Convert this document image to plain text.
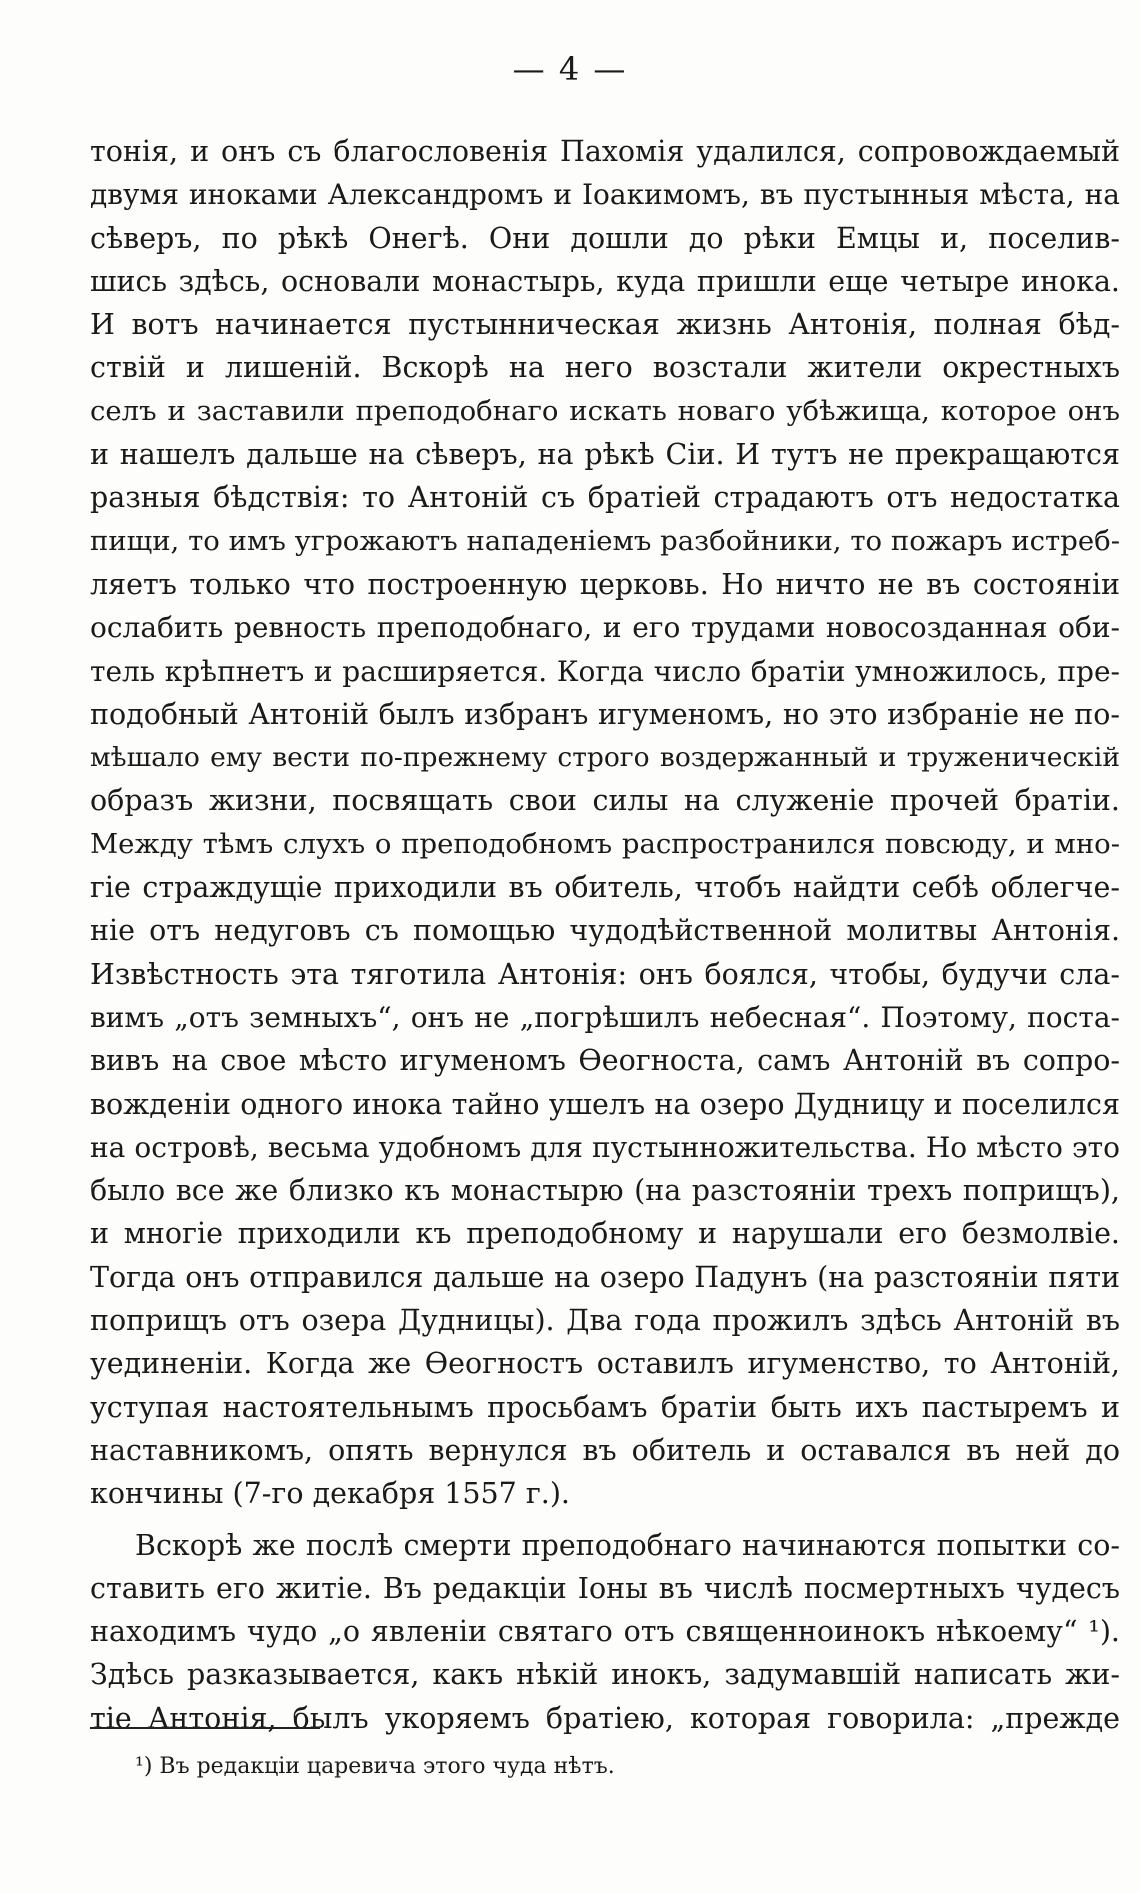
— 4 —
тонія, и онъ съ благословенія Пахомія удалился, сопровождаемый
двумя иноками Александромъ и Іоакимомъ, въ пустынныя мѣста, на
сѣверъ, по рѣкѣ Онегѣ. Они дошли до рѣки Емцы и, поселив-
шись здѣсь, основали монастырь, куда пришли еще четыре инока.
И вотъ начинается пустынническая жизнь Антонія, полная бѣд-
ствій и лишеній. Вскорѣ на него возстали жители окрестныхъ
селъ и заставили преподобнаго искать новаго убѣжища, которое онъ
и нашелъ дальше на сѣверъ, на рѣкѣ Сіи. И тутъ не прекращаются
разныя бѣдствія: то Антоній съ братіей страдаютъ отъ недостатка
пищи, то имъ угрожаютъ нападеніемъ разбойники, то пожаръ истреб-
ляетъ только что построенную церковь. Но ничто не въ состояніи
ослабить ревность преподобнаго, и его трудами новосозданная оби-
тель крѣпнетъ и расширяется. Когда число братіи умножилось, пре-
подобный Антоній былъ избранъ игуменомъ, но это избраніе не по-
мѣшало ему вести по-прежнему строго воздержанный и труженическій
образъ жизни, посвящать свои силы на служеніе прочей братіи.
Между тѣмъ слухъ о преподобномъ распространился повсюду, и мно-
гіе страждущіе приходили въ обитель, чтобъ найдти себѣ облегче-
ніе отъ недуговъ съ помощью чудодѣйственной молитвы Антонія.
Извѣстность эта тяготила Антонія: онъ боялся, чтобы, будучи сла-
вимъ „отъ земныхъ“, онъ не „погрѣшилъ небесная“. Поэтому, поста-
вивъ на свое мѣсто игуменомъ Ѳеогноста, самъ Антоній въ сопро-
вожденіи одного инока тайно ушелъ на озеро Дудницу и поселился
на островѣ, весьма удобномъ для пустынножительства. Но мѣсто это
было все же близко къ монастырю (на разстояніи трехъ поприщъ),
и многіе приходили къ преподобному и нарушали его безмолвіе.
Тогда онъ отправился дальше на озеро Падунъ (на разстояніи пяти
поприщъ отъ озера Дудницы). Два года прожилъ здѣсь Антоній въ
уединеніи. Когда же Ѳеогностъ оставилъ игуменство, то Антоній,
уступая настоятельнымъ просьбамъ братіи быть ихъ пастыремъ и
наставникомъ, опять вернулся въ обитель и оставался въ ней до
кончины (7-го декабря 1557 г.).
Вскорѣ же послѣ смерти преподобнаго начинаются попытки со-
ставить его житіе. Въ редакціи Іоны въ числѣ посмертныхъ чудесъ
находимъ чудо „о явленіи святаго отъ священноинокъ нѣкоему“ ¹).
Здѣсь разказывается, какъ нѣкій инокъ, задумавшій написать жи-
тіе Антонія, былъ укоряемъ братіею, которая говорила: „прежде
¹) Въ редакціи царевича этого чуда нѣтъ.
